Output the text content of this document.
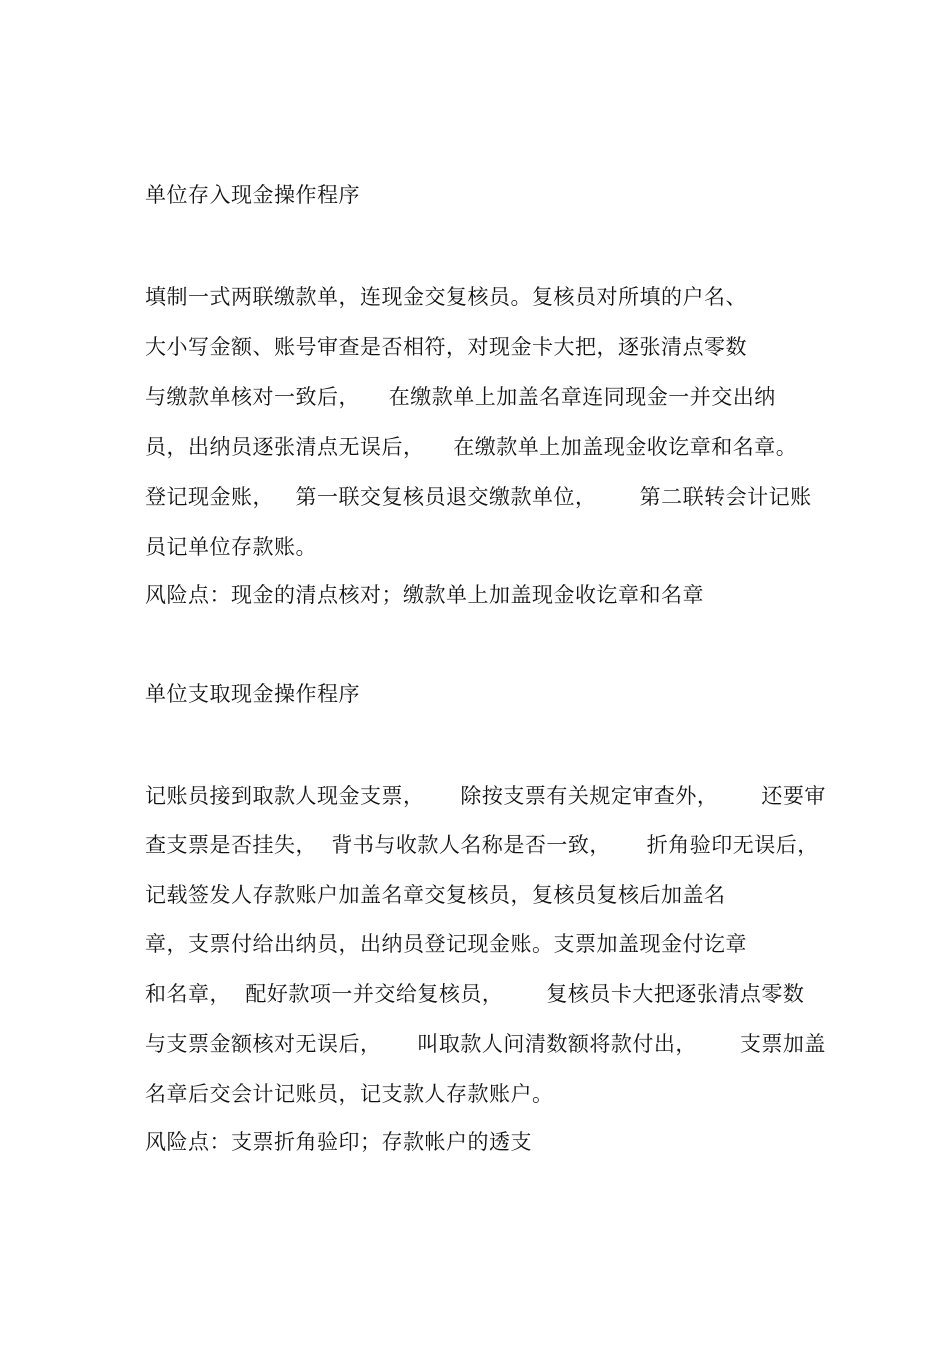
单位存入现金操作程序
填制一式两联缴款单，连现金交复核员。复核员对所填的户名、
大小写金额、账号审查是否相符，对现金卡大把，逐张清点零数
与缴款单核对一致后，    在缴款单上加盖名章连同现金一并交出纳
员，出纳员逐张清点无误后，    在缴款单上加盖现金收讫章和名章。
登记现金账，   第一联交复核员退交缴款单位，      第二联转会计记账
员记单位存款账。
风险点：现金的清点核对；缴款单上加盖现金收讫章和名章
单位支取现金操作程序
记账员接到取款人现金支票，     除按支票有关规定审查外，      还要审
查支票是否挂失，  背书与收款人名称是否一致，     折角验印无误后，
记载签发人存款账户加盖名章交复核员，复核员复核后加盖名
章，支票付给出纳员，出纳员登记现金账。支票加盖现金付讫章
和名章，  配好款项一并交给复核员，      复核员卡大把逐张清点零数
与支票金额核对无误后，     叫取款人问清数额将款付出，      支票加盖
名章后交会计记账员，记支款人存款账户。
风险点：支票折角验印；存款帐户的透支
